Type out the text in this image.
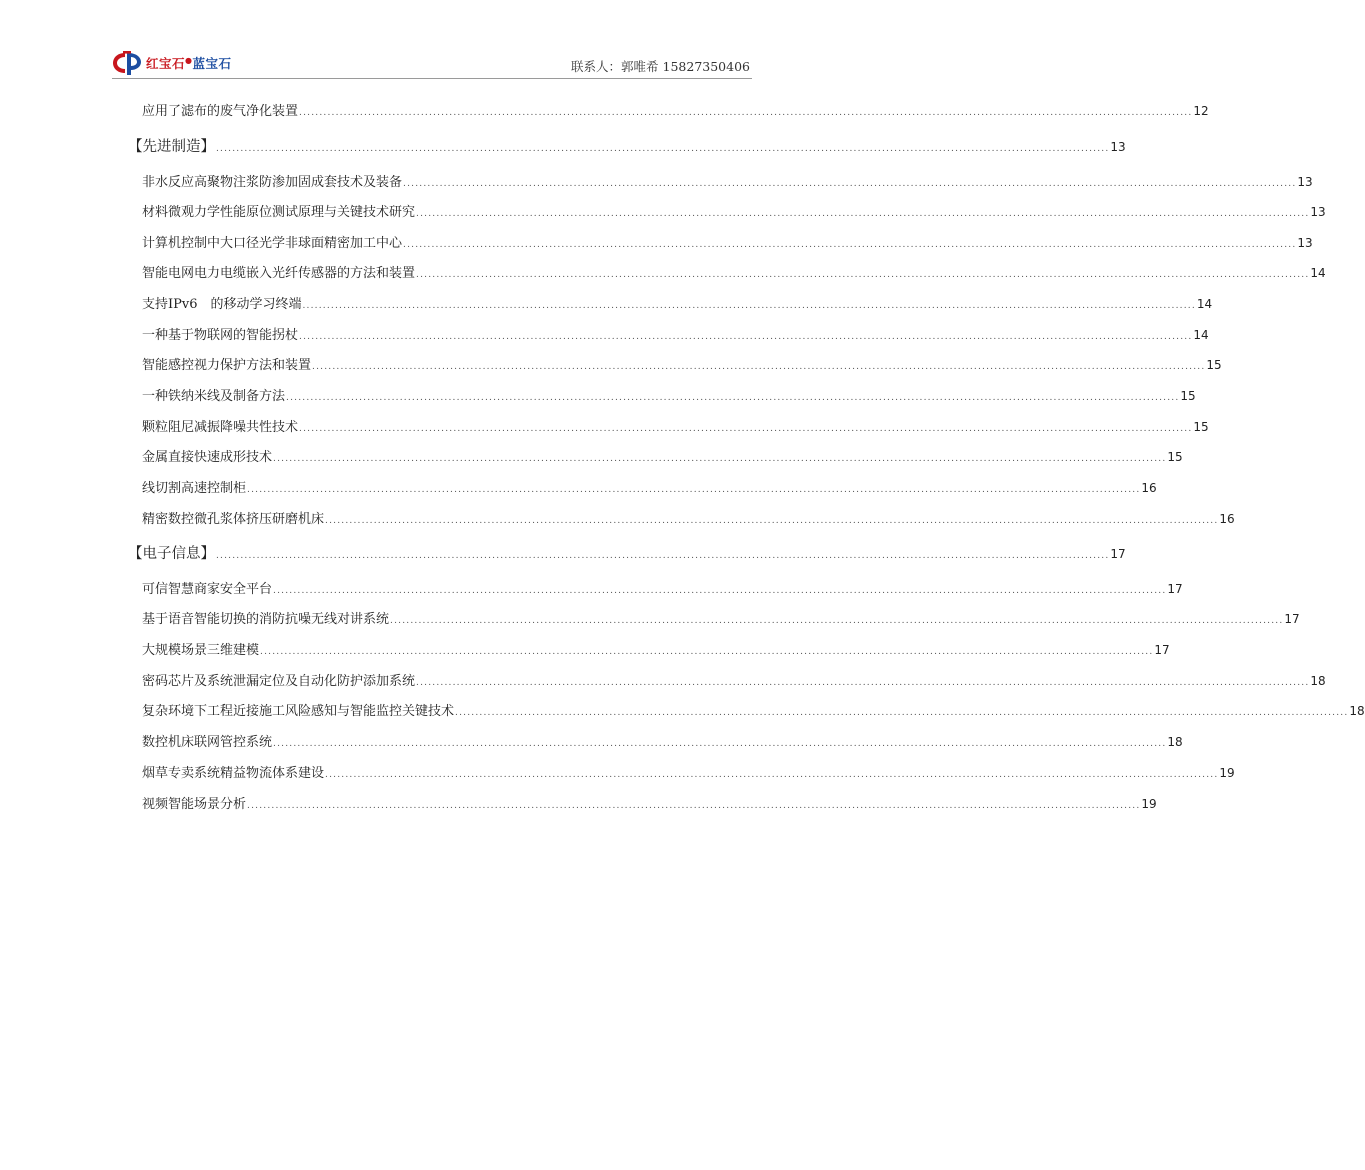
红宝石●蓝宝石	联系人：郭唯希 15827350406
应用了滤布的废气净化装置 ............................................................................................................................................................................................................................ 12
【先进制造】 ............................................................................................................................................................................................................................ 13
非水反应高聚物注浆防渗加固成套技术及装备 ............................................................................................................................................................................................................................ 13
材料微观力学性能原位测试原理与关键技术研究 ............................................................................................................................................................................................................................ 13
计算机控制中大口径光学非球面精密加工中心 ............................................................................................................................................................................................................................ 13
智能电网电力电缆嵌入光纤传感器的方法和装置 ............................................................................................................................................................................................................................ 14
支持IPv6　的移动学习终端 ............................................................................................................................................................................................................................ 14
一种基于物联网的智能拐杖 ............................................................................................................................................................................................................................ 14
智能感控视力保护方法和装置 ............................................................................................................................................................................................................................ 15
一种铁纳米线及制备方法 ............................................................................................................................................................................................................................ 15
颗粒阻尼减振降噪共性技术 ............................................................................................................................................................................................................................ 15
金属直接快速成形技术 ............................................................................................................................................................................................................................ 15
线切割高速控制柜 ............................................................................................................................................................................................................................ 16
精密数控微孔浆体挤压研磨机床 ............................................................................................................................................................................................................................ 16
【电子信息】 ............................................................................................................................................................................................................................ 17
可信智慧商家安全平台 ............................................................................................................................................................................................................................ 17
基于语音智能切换的消防抗噪无线对讲系统 ............................................................................................................................................................................................................................ 17
大规模场景三维建模 ............................................................................................................................................................................................................................ 17
密码芯片及系统泄漏定位及自动化防护添加系统 ............................................................................................................................................................................................................................ 18
复杂环境下工程近接施工风险感知与智能监控关键技术 ............................................................................................................................................................................................................................ 18
数控机床联网管控系统 ............................................................................................................................................................................................................................ 18
烟草专卖系统精益物流体系建设 ............................................................................................................................................................................................................................ 19
视频智能场景分析 ............................................................................................................................................................................................................................ 19
